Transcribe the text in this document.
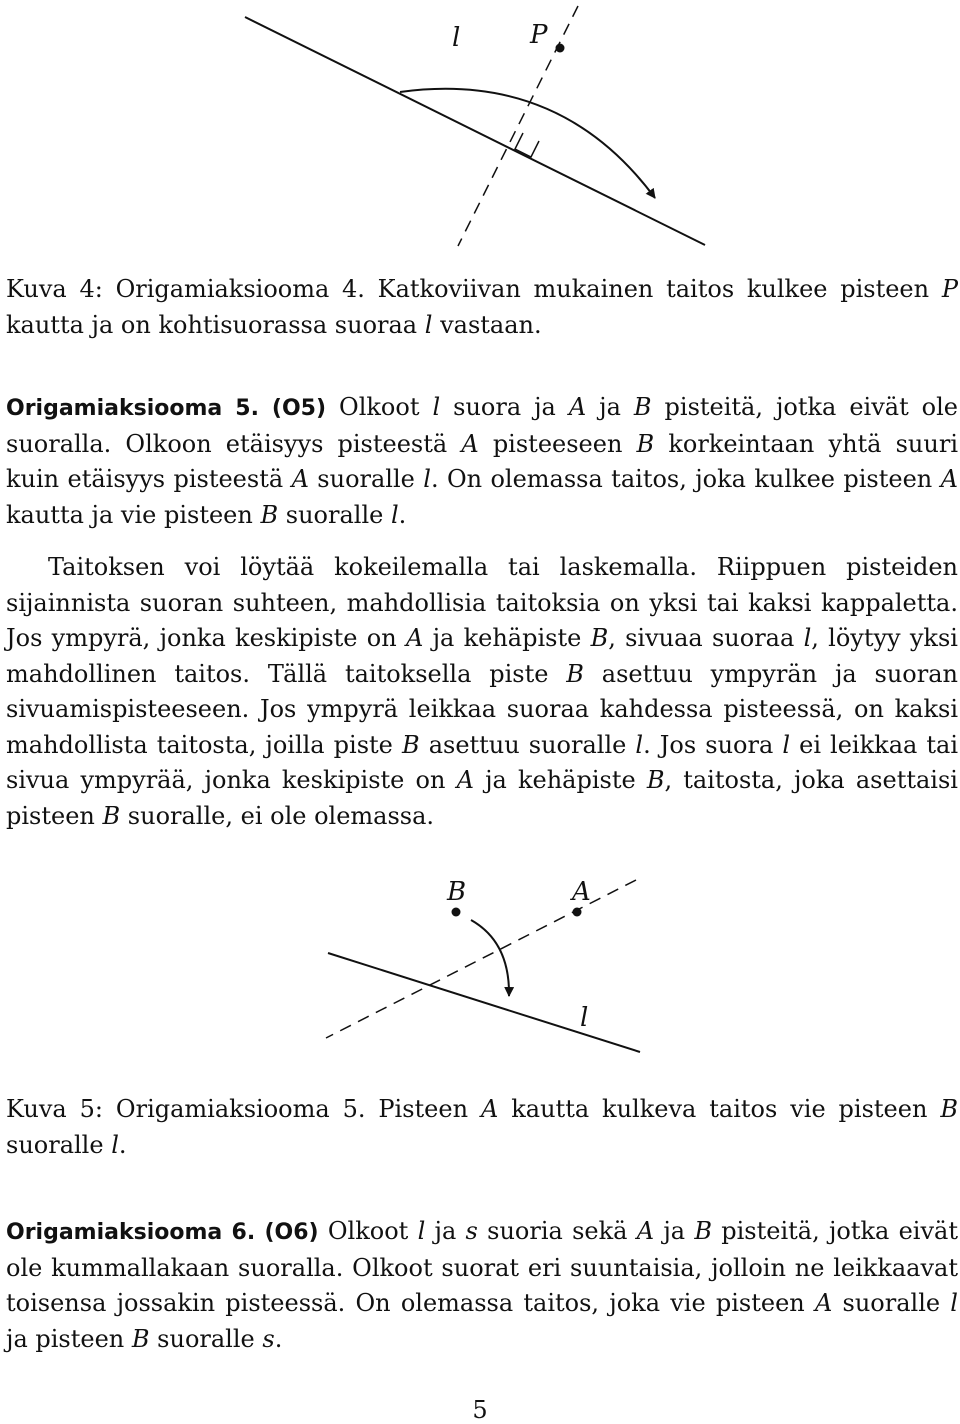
l	P
Kuva 4: Origamiaksiooma 4. Katkoviivan mukainen taitos kulkee pisteen P kautta ja on kohtisuorassa suoraa l vastaan.
Origamiaksiooma 5. (O5) Olkoot l suora ja A ja B pisteitä, jotka eivät ole suoralla. Olkoon etäisyys pisteestä A pisteeseen B korkeintaan yhtä suuri kuin etäisyys pisteestä A suoralle l. On olemassa taitos, joka kulkee pisteen A kautta ja vie pisteen B suoralle l.
Taitoksen voi löytää kokeilemalla tai laskemalla. Riippuen pisteiden sijainnista suoran suhteen, mahdollisia taitoksia on yksi tai kaksi kappaletta. Jos ympyrä, jonka keskipiste on A ja kehäpiste B, sivuaa suoraa l, löytyy yksi mahdollinen taitos. Tällä taitoksella piste B asettuu ympyrän ja suoran sivuamispisteeseen. Jos ympyrä leikkaa suoraa kahdessa pisteessä, on kaksi mahdollista taitosta, joilla piste B asettuu suoralle l. Jos suora l ei leikkaa tai sivua ympyrää, jonka keskipiste on A ja kehäpiste B, taitosta, joka asettaisi pisteen B suoralle, ei ole olemassa.
B	A
l
Kuva 5: Origamiaksiooma 5. Pisteen A kautta kulkeva taitos vie pisteen B suoralle l.
Origamiaksiooma 6. (O6) Olkoot l ja s suoria sekä A ja B pisteitä, jotka eivät ole kummallakaan suoralla. Olkoot suorat eri suuntaisia, jolloin ne leikkaavat toisensa jossakin pisteessä. On olemassa taitos, joka vie pisteen A suoralle l ja pisteen B suoralle s.
5
